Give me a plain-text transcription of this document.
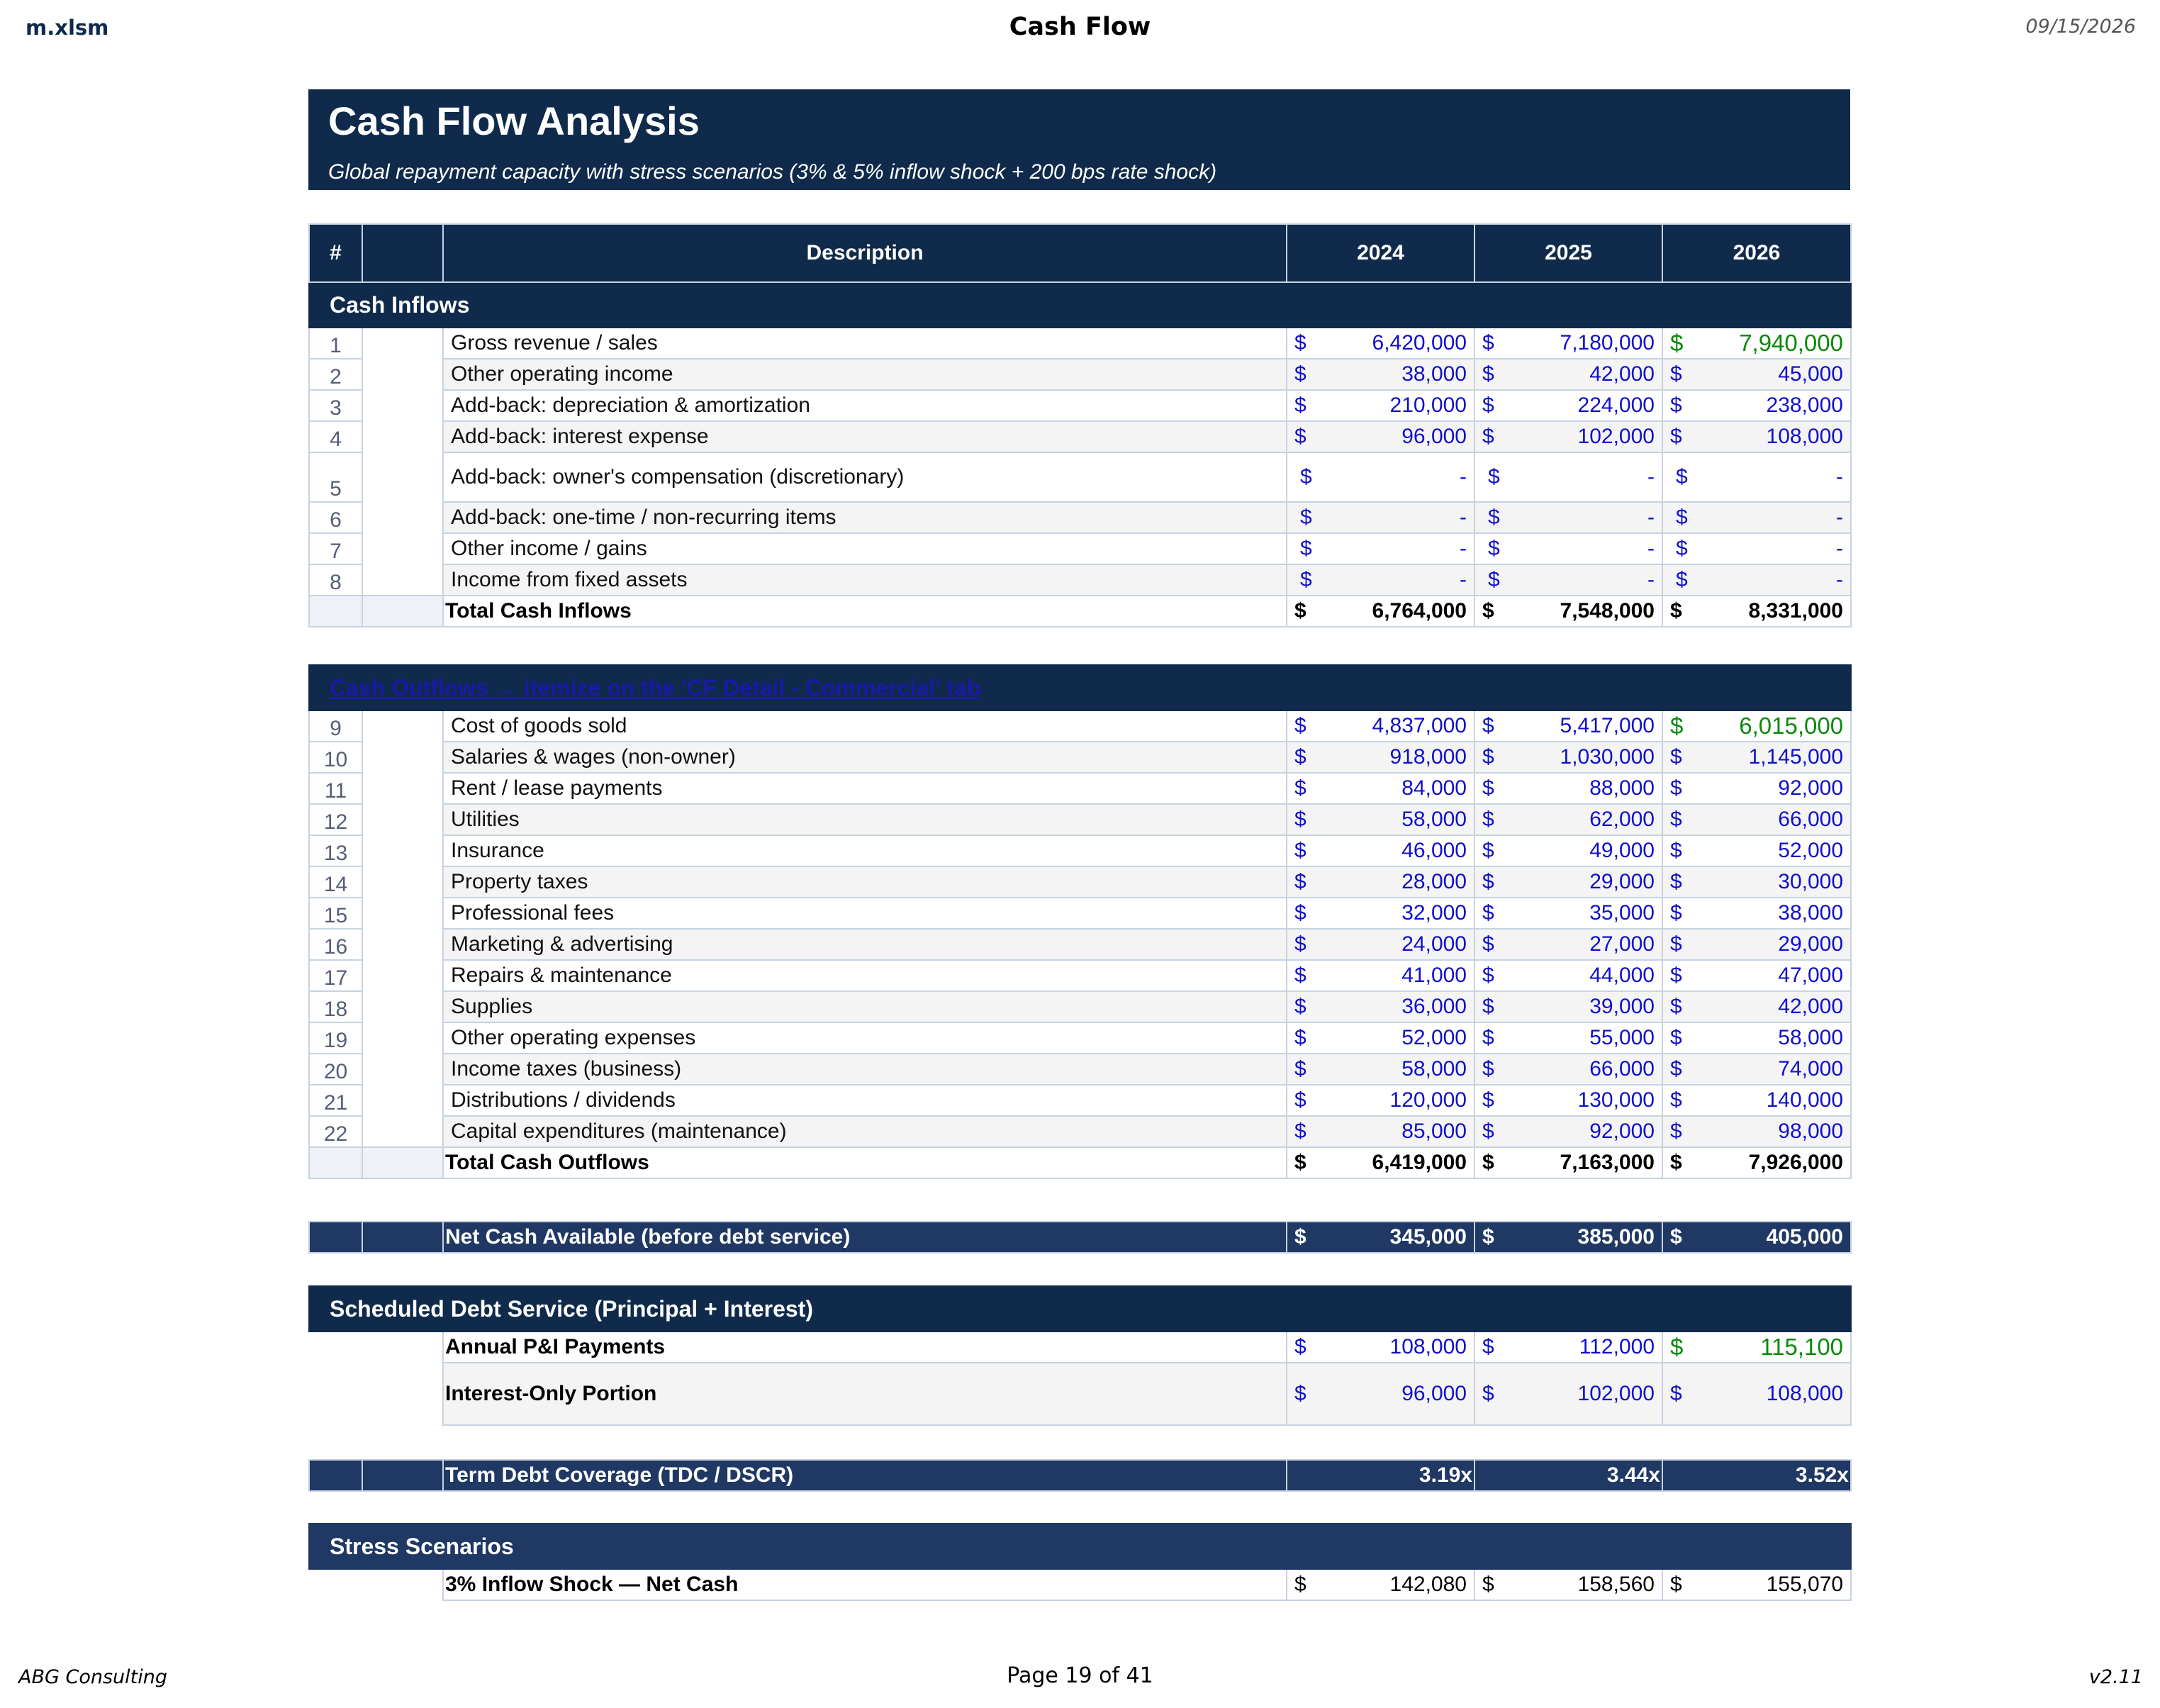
m.xlsm	Cash Flow	09/15/2026
Cash Flow Analysis
Global repayment capacity with stress scenarios (3% & 5% inflow shock + 200 bps rate shock)
#		Description	2024	2025	2026
Cash Inflows					
1		Gross revenue / sales	$ 6,420,000	$ 7,180,000	$ 7,940,000
2		Other operating income	$ 38,000	$ 42,000	$ 45,000
3		Add-back: depreciation & amortization	$ 210,000	$ 224,000	$ 238,000
4		Add-back: interest expense	$ 96,000	$ 102,000	$ 108,000
5		Add-back: owner's compensation (discretionary)	$ -	$ -	$ -
6		Add-back: one-time / non-recurring items	$ -	$ -	$ -
7		Other income / gains	$ -	$ -	$ -
8		Income from fixed assets	$ -	$ -	$ -
		Total Cash Inflows	$ 6,764,000	$ 7,548,000	$ 8,331,000
Cash Outflows → itemize on the 'CF Detail - Commercial' tab					
9		Cost of goods sold	$ 4,837,000	$ 5,417,000	$ 6,015,000
10		Salaries & wages (non-owner)	$ 918,000	$ 1,030,000	$ 1,145,000
11		Rent / lease payments	$ 84,000	$ 88,000	$ 92,000
12		Utilities	$ 58,000	$ 62,000	$ 66,000
13		Insurance	$ 46,000	$ 49,000	$ 52,000
14		Property taxes	$ 28,000	$ 29,000	$ 30,000
15		Professional fees	$ 32,000	$ 35,000	$ 38,000
16		Marketing & advertising	$ 24,000	$ 27,000	$ 29,000
17		Repairs & maintenance	$ 41,000	$ 44,000	$ 47,000
18		Supplies	$ 36,000	$ 39,000	$ 42,000
19		Other operating expenses	$ 52,000	$ 55,000	$ 58,000
20		Income taxes (business)	$ 58,000	$ 66,000	$ 74,000
21		Distributions / dividends	$ 120,000	$ 130,000	$ 140,000
22		Capital expenditures (maintenance)	$ 85,000	$ 92,000	$ 98,000
		Total Cash Outflows	$ 6,419,000	$ 7,163,000	$ 7,926,000
		Net Cash Available (before debt service)	$	345,000	$	385,000	$	405,000
Scheduled Debt Service (Principal + Interest)					
		Annual P&I Payments	$ 108,000	$ 112,000	$ 115,100
		Interest-Only Portion	$ 96,000	$ 102,000	$ 108,000
		Term Debt Coverage (TDC / DSCR)	3.19x	3.44x	3.52x
Stress Scenarios
		3% Inflow Shock — Net Cash	$	142,080	$	158,560	$	155,070
ABG Consulting	Page 19 of 41	v2.11
